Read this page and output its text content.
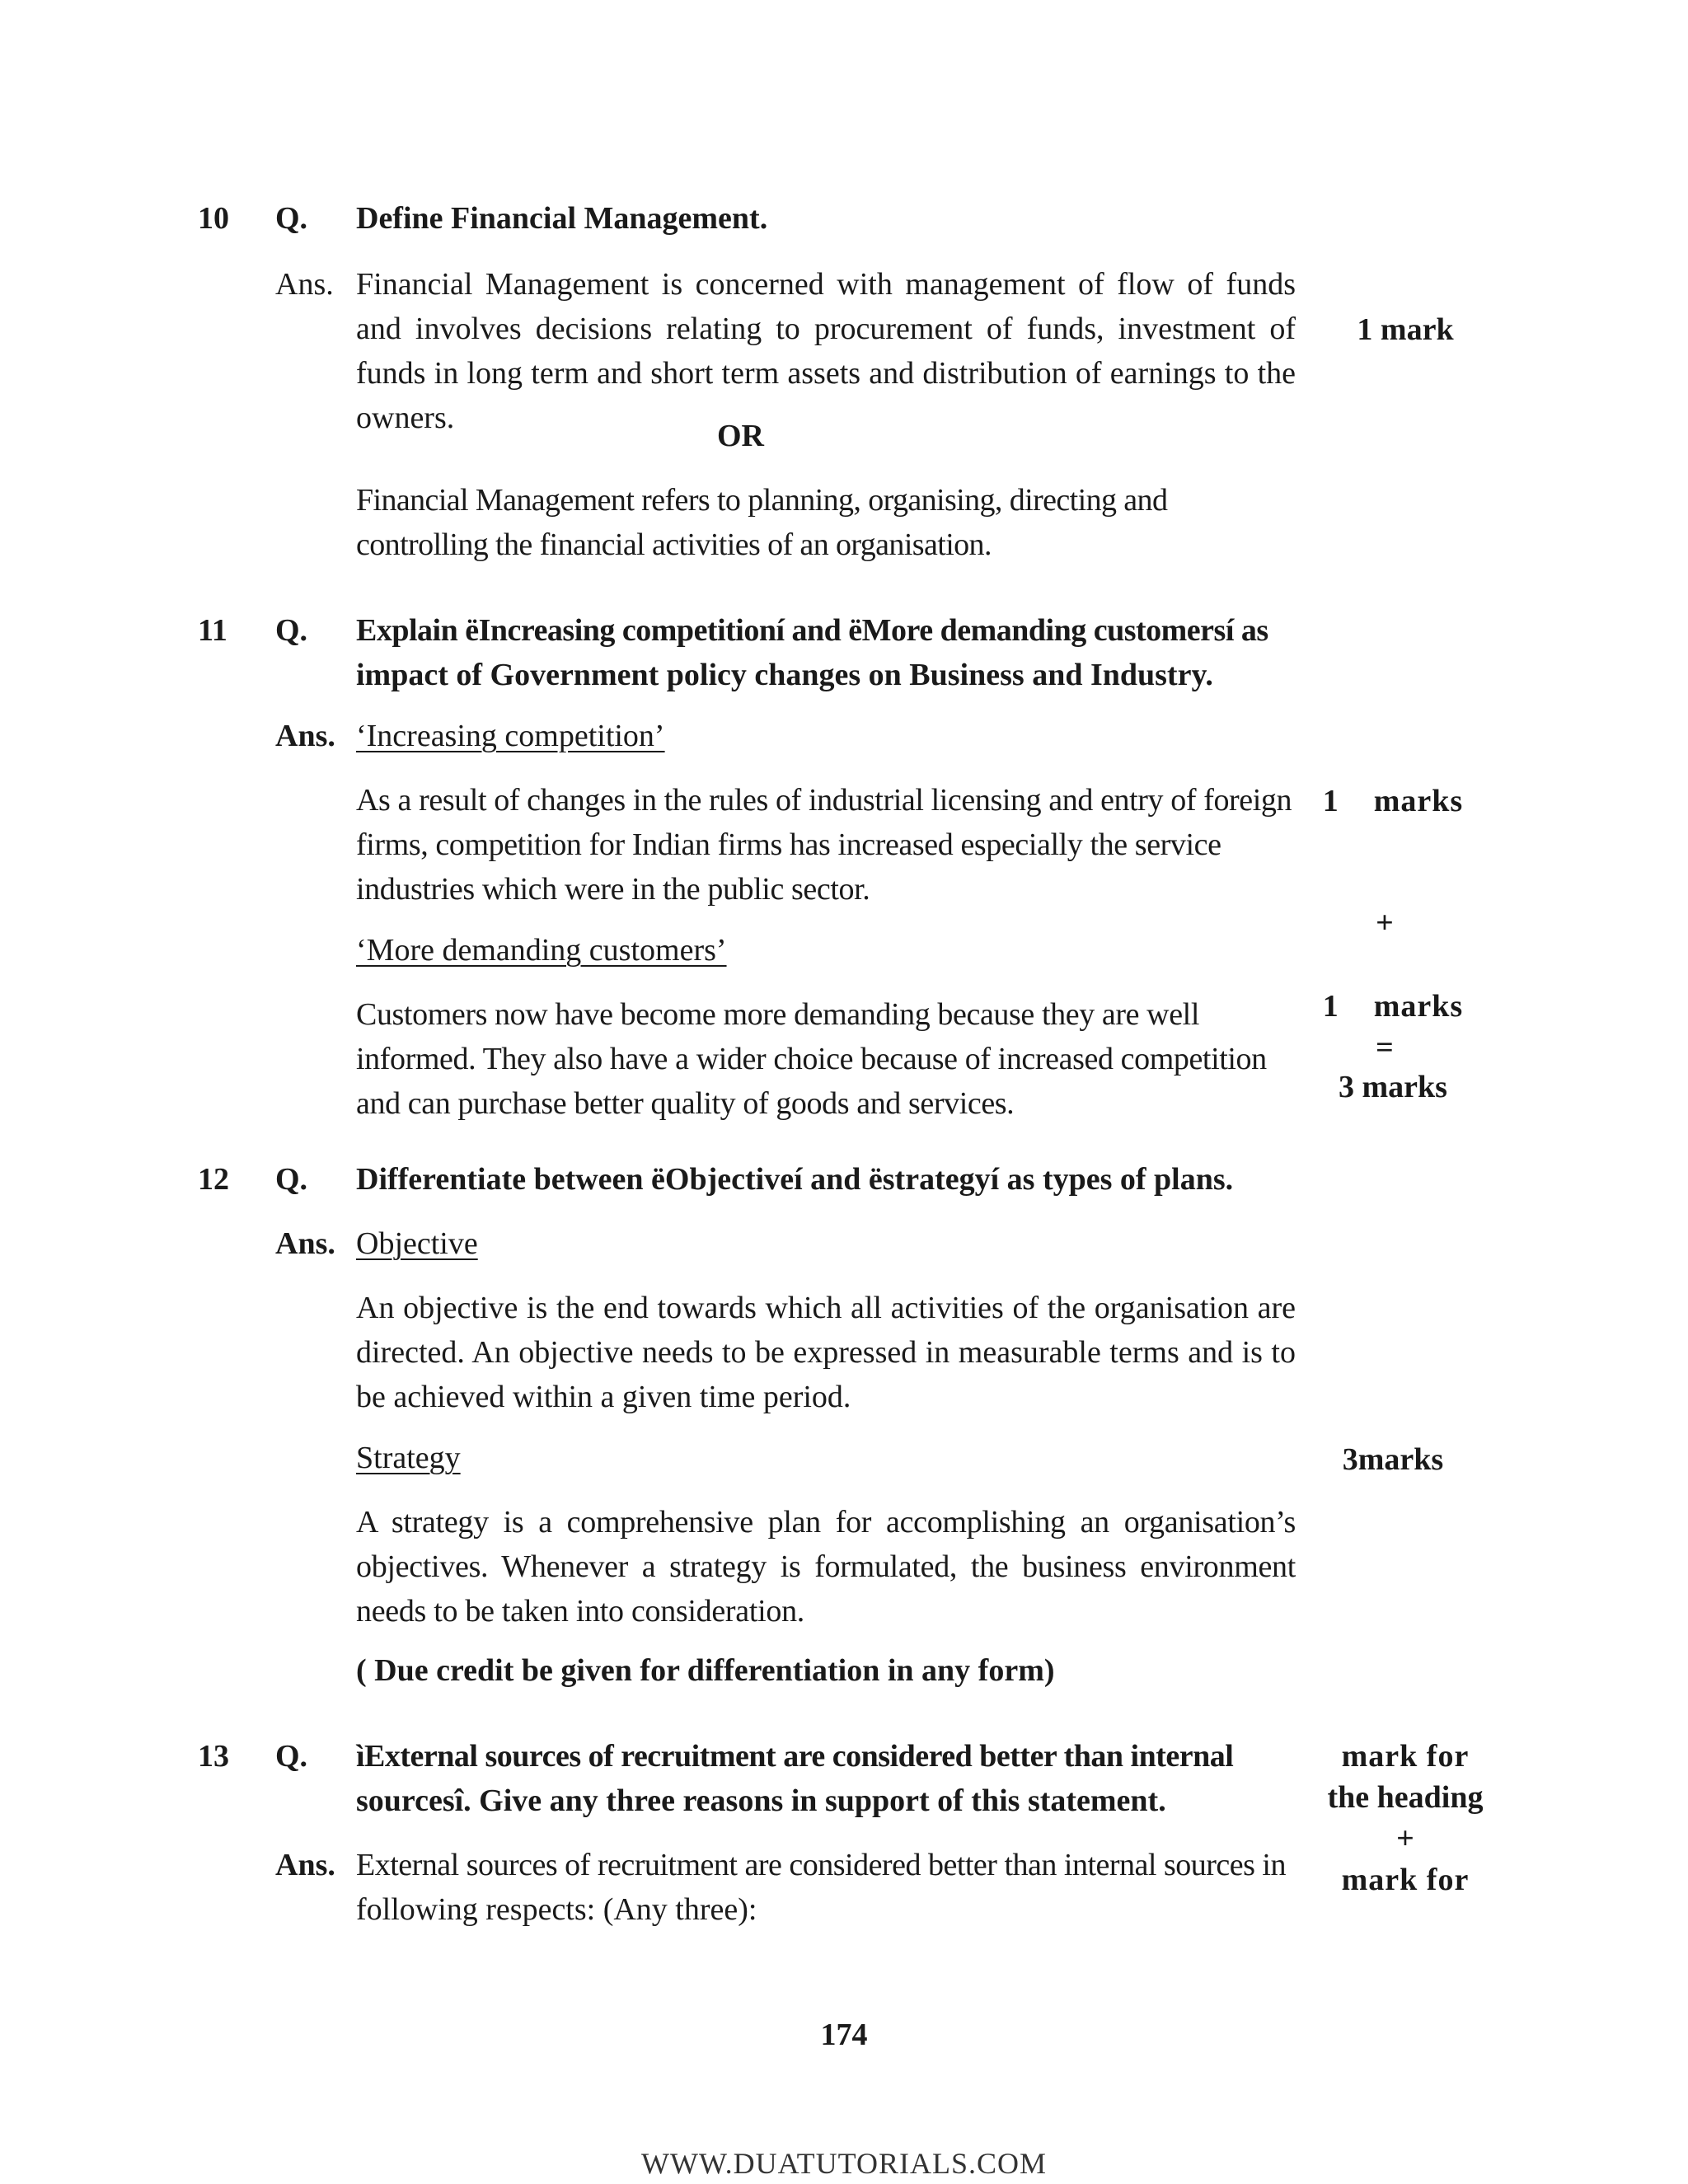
10 Q. Define Financial Management.
Ans. Financial Management is concerned with management of flow of funds and involves decisions relating to procurement of funds, investment of funds in long term and short term assets and distribution of earnings to the owners.

1 mark
OR

Financial Management refers to planning, organising, directing and controlling the financial activities of an organisation.

11 Q. Explain ëIncreasing competitioní and ëMore demanding customersí as
impact of Government policy changes on Business and Industry.
Ans. ‘Increasing competition’

As a result of changes in the rules of industrial licensing and entry of foreign firms, competition for Indian firms has increased especially the service industries which were in the public sector.

‘More demanding customers’

Customers now have become more demanding because they are well informed. They also have a wider choice because of increased competition and can purchase better quality of goods and services.

1    marks
+
1    marks
=
3 marks
12 Q. Differentiate between ëObjectiveí and ëstrategyí as types of plans.
Ans. Objective

An objective is the end towards which all activities of the organisation are directed. An objective needs to be expressed in measurable terms and is to be achieved within a given time period.

Strategy	3marks

A strategy is a comprehensive plan for accomplishing an organisation’s objectives. Whenever a strategy is formulated, the business environment needs to be taken into consideration.

( Due credit be given for differentiation in any form)
13 Q. ìExternal sources of recruitment are considered better than internal
sourcesî. Give any three reasons in support of this statement.
Ans. External sources of recruitment are considered better than internal sources in
following respects: (Any three):
mark for
the heading
+
mark for
174
WWW.DUATUTORIALS.COM
